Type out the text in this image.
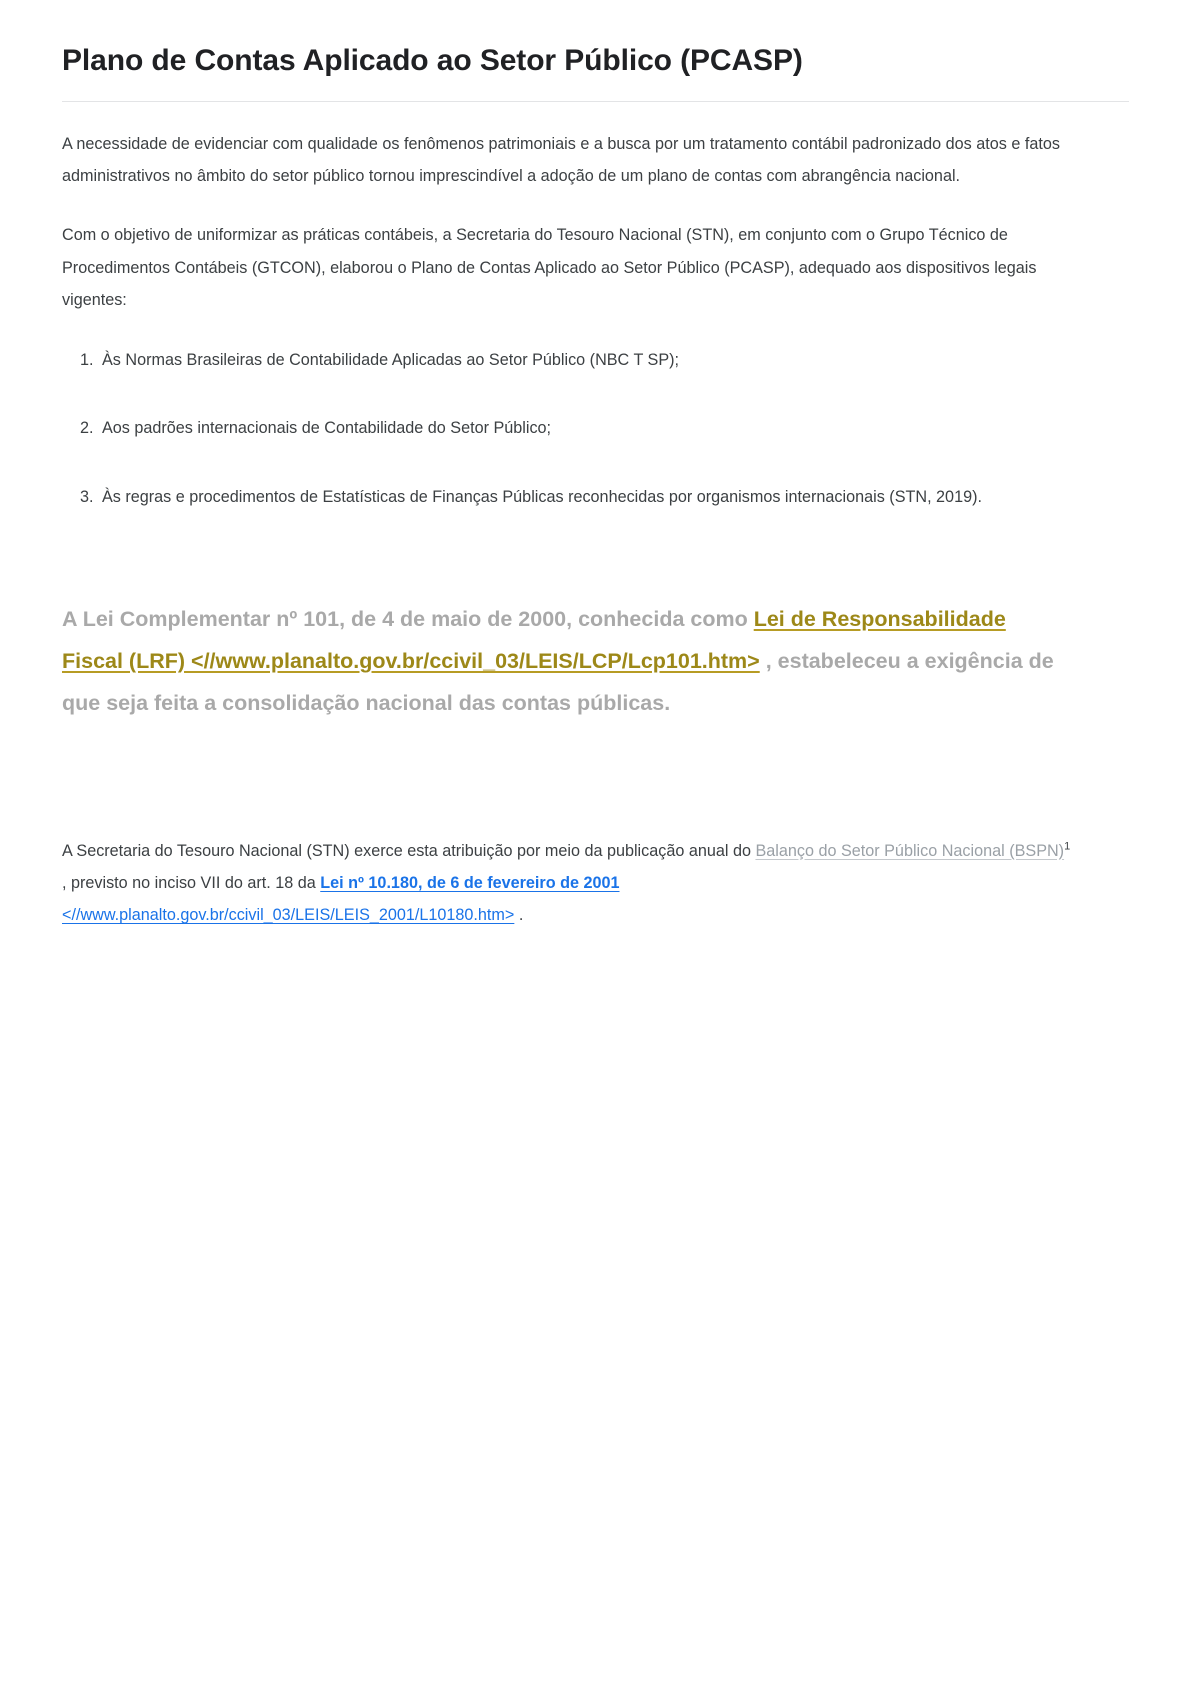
Plano de Contas Aplicado ao Setor Público (PCASP)

A necessidade de evidenciar com qualidade os fenômenos patrimoniais e a busca por um tratamento contábil padronizado dos atos e fatos administrativos no âmbito do setor público tornou imprescindível a adoção de um plano de contas com abrangência nacional.

Com o objetivo de uniformizar as práticas contábeis, a Secretaria do Tesouro Nacional (STN), em conjunto com o Grupo Técnico de Procedimentos Contábeis (GTCON), elaborou o Plano de Contas Aplicado ao Setor Público (PCASP), adequado aos dispositivos legais vigentes:

1. Às Normas Brasileiras de Contabilidade Aplicadas ao Setor Público (NBC T SP);
2. Aos padrões internacionais de Contabilidade do Setor Público;
3. Às regras e procedimentos de Estatísticas de Finanças Públicas reconhecidas por organismos internacionais (STN, 2019).

A Lei Complementar nº 101, de 4 de maio de 2000, conhecida como Lei de Responsabilidade Fiscal (LRF) <//www.planalto.gov.br/ccivil_03/LEIS/LCP/Lcp101.htm> , estabeleceu a exigência de que seja feita a consolidação nacional das contas públicas.

A Secretaria do Tesouro Nacional (STN) exerce esta atribuição por meio da publicação anual do Balanço do Setor Público Nacional (BSPN)$^1$ , previsto no inciso VII do art. 18 da Lei nº 10.180, de 6 de fevereiro de 2001 <//www.planalto.gov.br/ccivil_03/LEIS/LEIS_2001/L10180.htm> .
